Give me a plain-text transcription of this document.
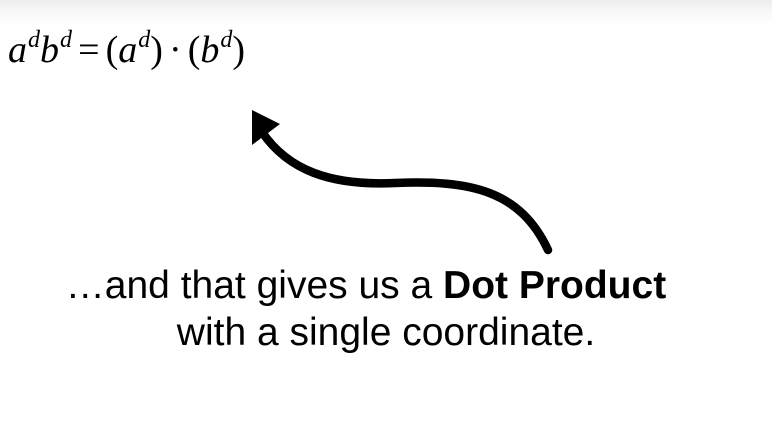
$a^db^d = (a^d) \cdot (b^d)$

…and that gives us a Dot Product
with a single coordinate.
